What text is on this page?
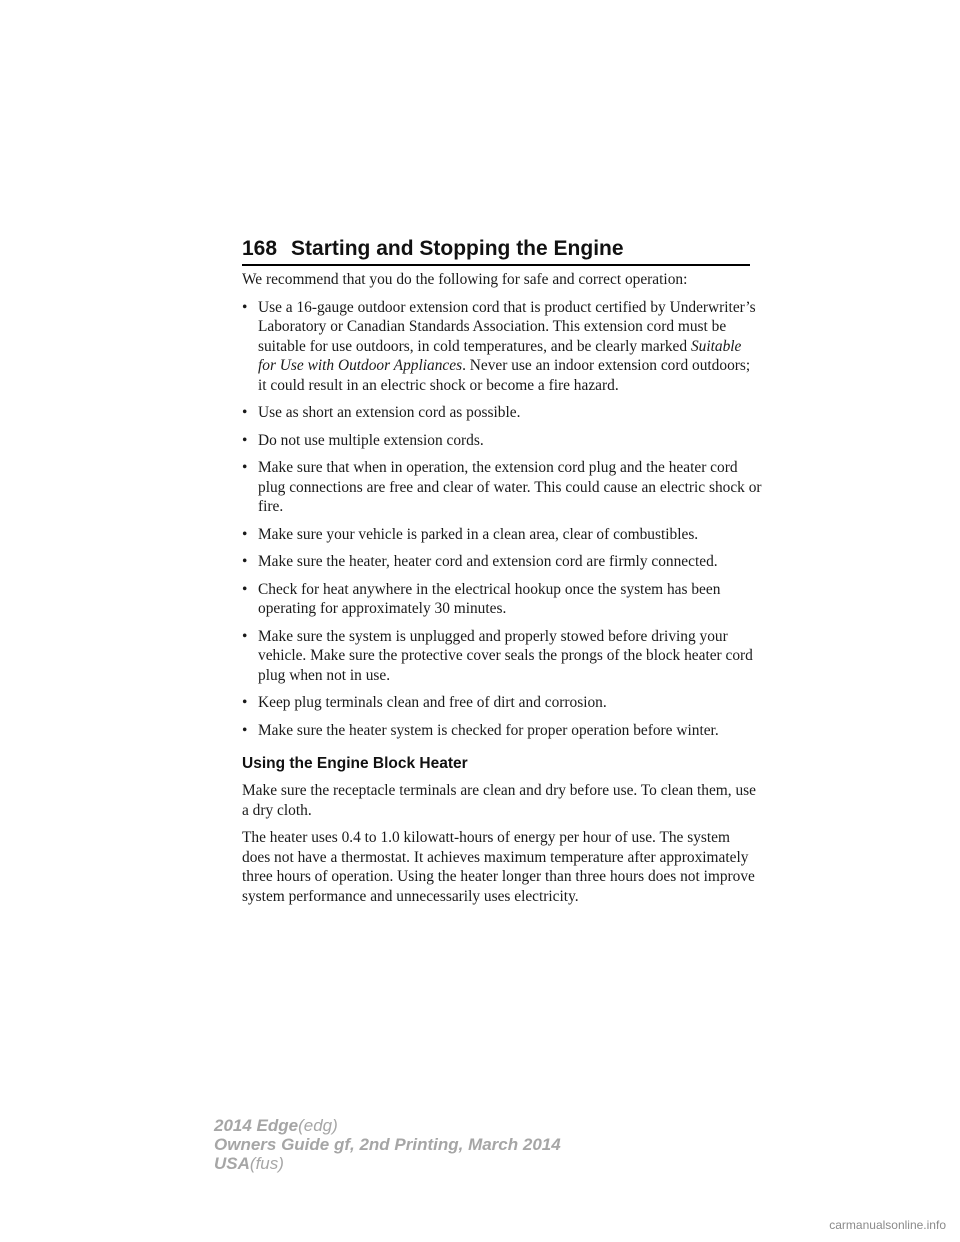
168 Starting and Stopping the Engine

We recommend that you do the following for safe and correct operation:

• Use a 16-gauge outdoor extension cord that is product certified by Underwriter’s Laboratory or Canadian Standards Association. This extension cord must be suitable for use outdoors, in cold temperatures, and be clearly marked Suitable for Use with Outdoor Appliances. Never use an indoor extension cord outdoors; it could result in an electric shock or become a fire hazard.
• Use as short an extension cord as possible.
• Do not use multiple extension cords.
• Make sure that when in operation, the extension cord plug and the heater cord plug connections are free and clear of water. This could cause an electric shock or fire.
• Make sure your vehicle is parked in a clean area, clear of combustibles.
• Make sure the heater, heater cord and extension cord are firmly connected.
• Check for heat anywhere in the electrical hookup once the system has been operating for approximately 30 minutes.
• Make sure the system is unplugged and properly stowed before driving your vehicle. Make sure the protective cover seals the prongs of the block heater cord plug when not in use.
• Keep plug terminals clean and free of dirt and corrosion.
• Make sure the heater system is checked for proper operation before winter.
Using the Engine Block Heater

Make sure the receptacle terminals are clean and dry before use. To clean them, use a dry cloth.

The heater uses 0.4 to 1.0 kilowatt-hours of energy per hour of use. The system does not have a thermostat. It achieves maximum temperature after approximately three hours of operation. Using the heater longer than three hours does not improve system performance and unnecessarily uses electricity.

2014 Edge(edg)
Owners Guide gf, 2nd Printing, March 2014
USA(fus)
carmanualsonline.info
